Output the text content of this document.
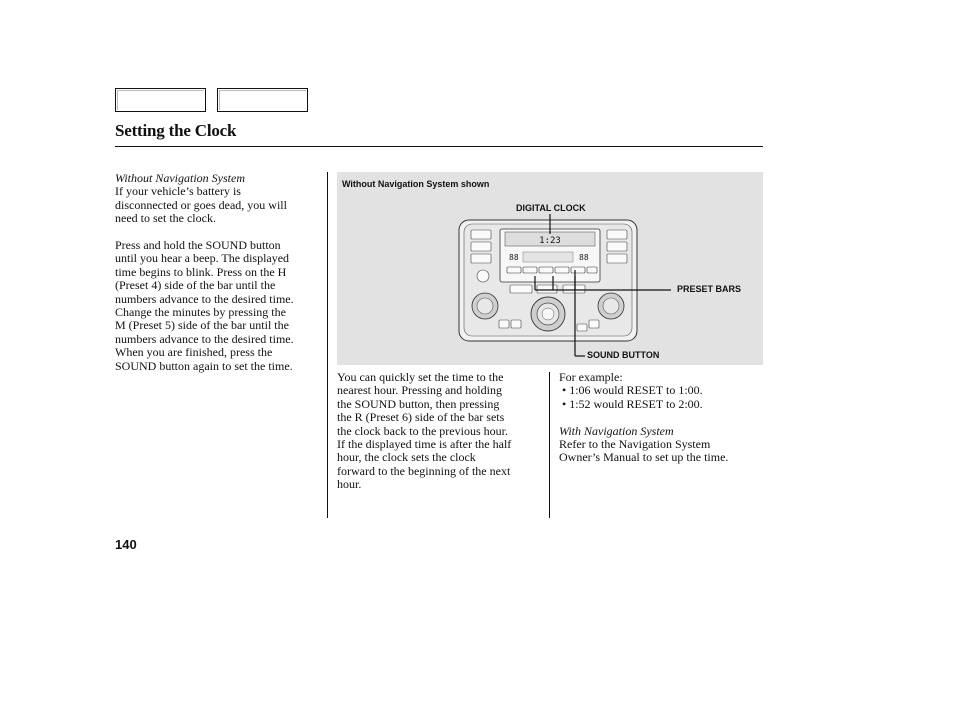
Setting the Clock

Without Navigation System

If your vehicle’s battery is
disconnected or goes dead, you will
need to set the clock.

Press and hold the SOUND button
until you hear a beep. The displayed
time begins to blink. Press on the H
(Preset 4) side of the bar until the
numbers advance to the desired time.
Change the minutes by pressing the
M (Preset 5) side of the bar until the
numbers advance to the desired time.
When you are finished, press the
SOUND button again to set the time.

Without Navigation System shown
DIGITAL CLOCK
PRESET BARS
SOUND BUTTON
1:23
88	88

You can quickly set the time to the
nearest hour. Pressing and holding
the SOUND button, then pressing
the R (Preset 6) side of the bar sets
the clock back to the previous hour.
If the displayed time is after the half
hour, the clock sets the clock
forward to the beginning of the next
hour.

For example:

• 1:06 would RESET to 1:00.
• 1:52 would RESET to 2:00.

With Navigation System

Refer to the Navigation System
Owner’s Manual to set up the time.

140
